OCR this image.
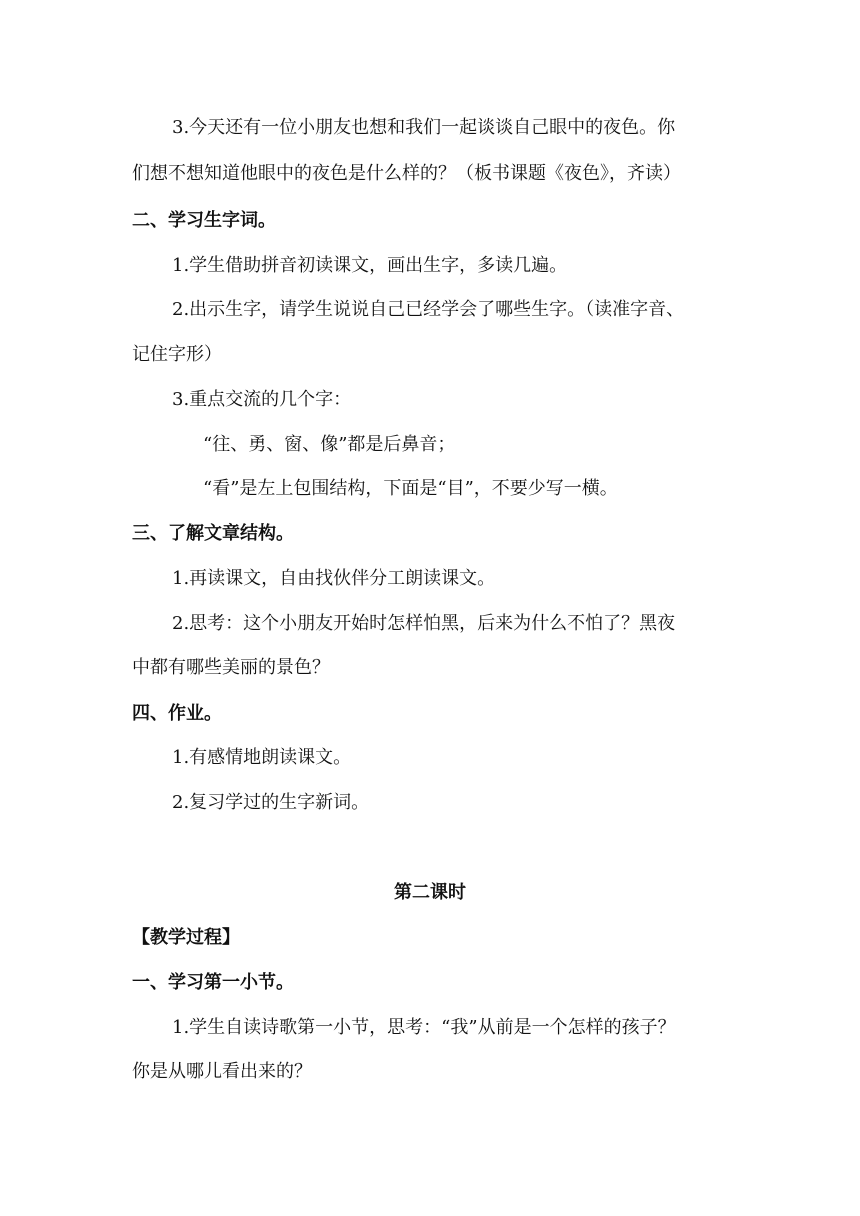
3.今天还有一位小朋友也想和我们一起谈谈自己眼中的夜色。你
们想不想知道他眼中的夜色是什么样的？（板书课题《夜色》，齐读）
二、学习生字词。
1.学生借助拼音初读课文，画出生字，多读几遍。
2.出示生字，请学生说说自己已经学会了哪些生字。（读准字音、
记住字形）
3.重点交流的几个字：
“往、勇、窗、像”都是后鼻音；
“看”是左上包围结构，下面是“目”，不要少写一横。
三、了解文章结构。
1.再读课文，自由找伙伴分工朗读课文。
2.思考：这个小朋友开始时怎样怕黑，后来为什么不怕了？黑夜
中都有哪些美丽的景色？
四、作业。
1.有感情地朗读课文。
2.复习学过的生字新词。
第二课时
【教学过程】
一、学习第一小节。
1.学生自读诗歌第一小节，思考：“我”从前是一个怎样的孩子？
你是从哪儿看出来的？
